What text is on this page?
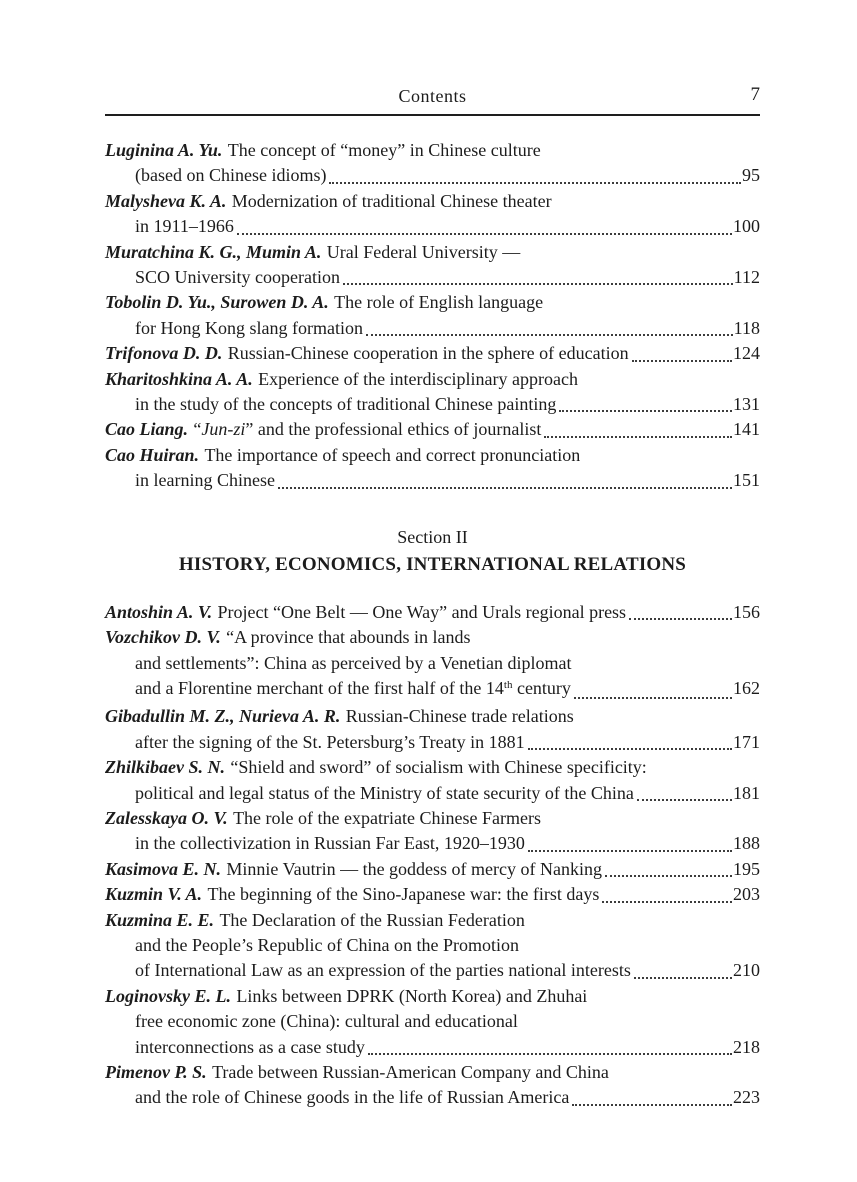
Contents	7
Luginina A. Yu. The concept of “money” in Chinese culture
(based on Chinese idioms)	95
Malysheva K. A. Modernization of traditional Chinese theater
in 1911–1966	100
Muratchina K. G., Mumin A. Ural Federal University —
SCO University cooperation	112
Tobolin D. Yu., Surowen D. A. The role of English language
for Hong Kong slang formation	118
Trifonova D. D. Russian-Chinese cooperation in the sphere of education	124
Kharitoshkina A. A. Experience of the interdisciplinary approach
in the study of the concepts of traditional Chinese painting	131
Cao Liang. “Jun-zi” and the professional ethics of journalist	141
Cao Huiran. The importance of speech and correct pronunciation
in learning Chinese	151
Section II
HISTORY, ECONOMICS, INTERNATIONAL RELATIONS
Antoshin A. V. Project “One Belt — One Way” and Urals regional press	156
Vozchikov D. V. “A province that abounds in lands
and settlements”: China as perceived by a Venetian diplomat
and a Florentine merchant of the first half of the 14th century	162
Gibadullin M. Z., Nurieva A. R. Russian-Chinese trade relations
after the signing of the St. Petersburg’s Treaty in 1881	171
Zhilkibaev S. N. “Shield and sword” of socialism with Chinese specificity:
political and legal status of the Ministry of state security of the China	181
Zalesskaya O. V. The role of the expatriate Chinese Farmers
in the collectivization in Russian Far East, 1920–1930	188
Kasimova E. N. Minnie Vautrin — the goddess of mercy of Nanking	195
Kuzmin V. A. The beginning of the Sino-Japanese war: the first days	203
Kuzmina E. E. The Declaration of the Russian Federation
and the People’s Republic of China on the Promotion
of International Law as an expression of the parties national interests	210
Loginovsky E. L. Links between DPRK (North Korea) and Zhuhai
free economic zone (China): cultural and educational
interconnections as a case study	218
Pimenov P. S. Trade between Russian-American Company and China
and the role of Chinese goods in the life of Russian America	223
